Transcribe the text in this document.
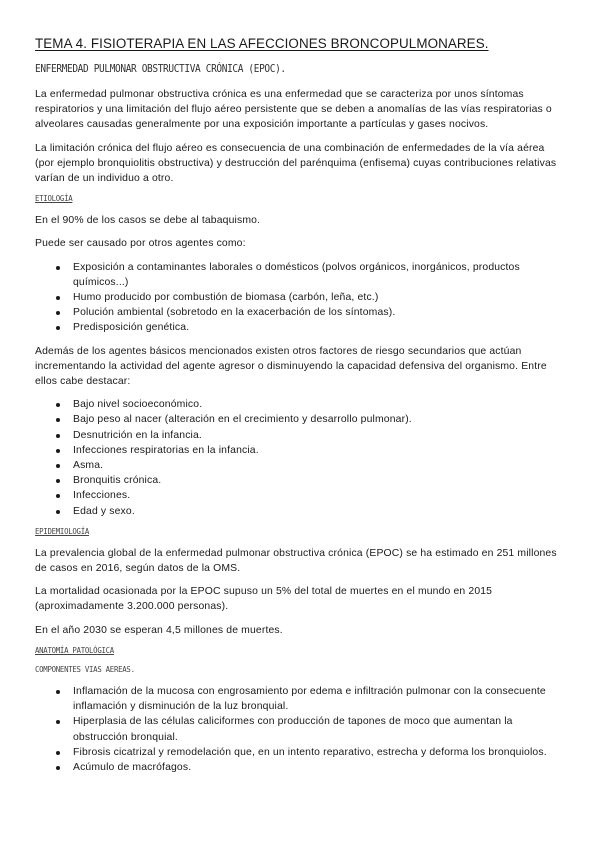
TEMA 4. FISIOTERAPIA EN LAS AFECCIONES BRONCOPULMONARES.
ENFERMEDAD PULMONAR OBSTRUCTIVA CRÓNICA (EPOC).

La enfermedad pulmonar obstructiva crónica es una enfermedad que se caracteriza por unos síntomas respiratorios y una limitación del flujo aéreo persistente que se deben a anomalías de las vías respiratorias o alveolares causadas generalmente por una exposición importante a partículas y gases nocivos.

La limitación crónica del flujo aéreo es consecuencia de una combinación de enfermedades de la vía aérea (por ejemplo bronquiolitis obstructiva) y destrucción del parénquima (enfisema) cuyas contribuciones relativas varían de un individuo a otro.

ETIOLOGÍA

En el 90% de los casos se debe al tabaquismo.

Puede ser causado por otros agentes como:

Exposición a contaminantes laborales o domésticos (polvos orgánicos, inorgánicos, productos químicos...)
Humo producido por combustión de biomasa (carbón, leña, etc.)
Polución ambiental (sobretodo en la exacerbación de los síntomas).
Predisposición genética.

Además de los agentes básicos mencionados existen otros factores de riesgo secundarios que actúan incrementando la actividad del agente agresor o disminuyendo la capacidad defensiva del organismo. Entre ellos cabe destacar:

Bajo nivel socioeconómico.
Bajo peso al nacer (alteración en el crecimiento y desarrollo pulmonar).
Desnutrición en la infancia.
Infecciones respiratorias en la infancia.
Asma.
Bronquitis crónica.
Infecciones.
Edad y sexo.
EPIDEMIOLOGÍA

La prevalencia global de la enfermedad pulmonar obstructiva crónica (EPOC) se ha estimado en 251 millones de casos en 2016, según datos de la OMS.

La mortalidad ocasionada por la EPOC supuso un 5% del total de muertes en el mundo en 2015 (aproximadamente 3.200.000 personas).

En el año 2030 se esperan 4,5 millones de muertes.

ANATOMÍA PATOLÓGICA
COMPONENTES VIAS AEREAS.
Inflamación de la mucosa con engrosamiento por edema e infiltración pulmonar con la consecuente inflamación y disminución de la luz bronquial.
Hiperplasia de las células caliciformes con producción de tapones de moco que aumentan la obstrucción bronquial.
Fibrosis cicatrizal y remodelación que, en un intento reparativo, estrecha y deforma los bronquiolos.
Acúmulo de macrófagos.
